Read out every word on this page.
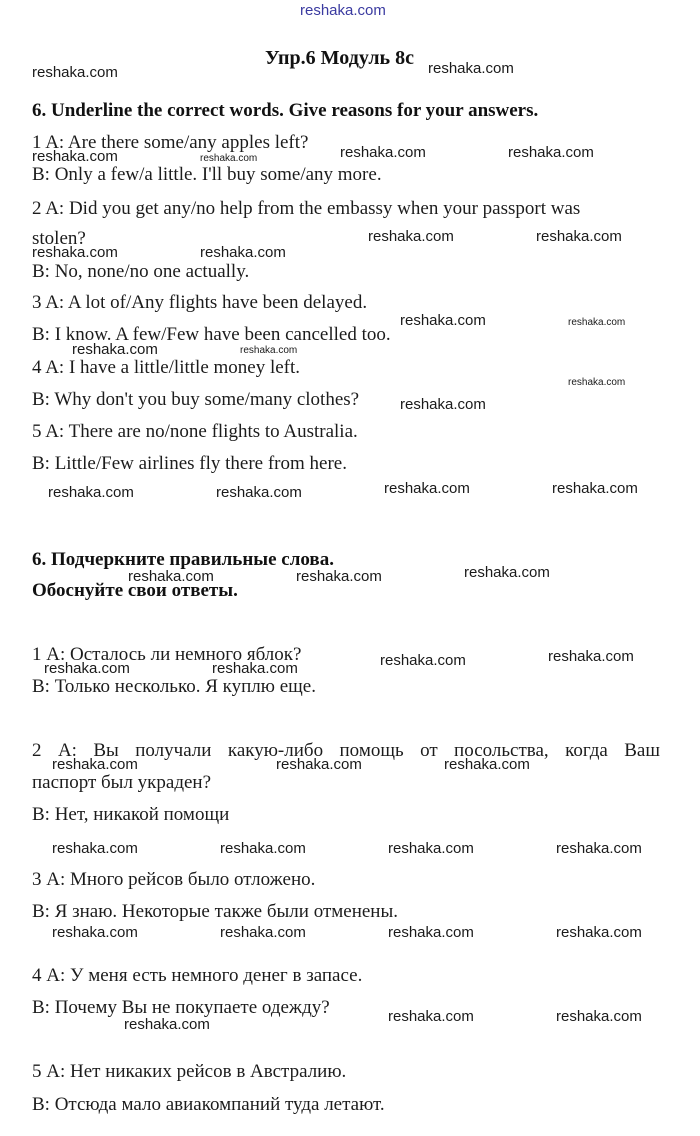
reshaka.com
Упр.6 Модуль 8c
6. Underline the correct words. Give reasons for your answers.
1 A: Are there some/any apples left?
B: Only a few/a little. I'll buy some/any more.
2 A: Did you get any/no help from the embassy when your passport was
stolen?
B: No, none/no one actually.
3 A: A lot of/Any flights have been delayed.
B: I know. A few/Few have been cancelled too.
4 A: I have a little/little money left.
B: Why don't you buy some/many clothes?
5 A: There are no/none flights to Australia.
B: Little/Few airlines fly there from here.
6. Подчеркните правильные слова.
Обоснуйте свои ответы.
1 А: Осталось ли немного яблок?
В: Только несколько. Я куплю еще.
2 А: Вы получали какую-либо помощь от посольства, когда Ваш
паспорт был украден?
В: Нет, никакой помощи
3 А: Много рейсов было отложено.
В: Я знаю. Некоторые также были отменены.
4 А: У меня есть немного денег в запасе.
В: Почему Вы не покупаете одежду?
5 А: Нет никаких рейсов в Австралию.
В: Отсюда мало авиакомпаний туда летают.
reshaka.com	reshaka.com
reshaka.com	reshaka.com	reshaka.com	reshaka.com
reshaka.com	reshaka.com
reshaka.com	reshaka.com
reshaka.com	reshaka.com
reshaka.com	reshaka.com
reshaka.com
reshaka.com
reshaka.com	reshaka.com	reshaka.com	reshaka.com
reshaka.com	reshaka.com	reshaka.com
reshaka.com	reshaka.com	reshaka.com	reshaka.com
reshaka.com	reshaka.com	reshaka.com
reshaka.com	reshaka.com	reshaka.com	reshaka.com
reshaka.com	reshaka.com	reshaka.com	reshaka.com
reshaka.com	reshaka.com
reshaka.com
